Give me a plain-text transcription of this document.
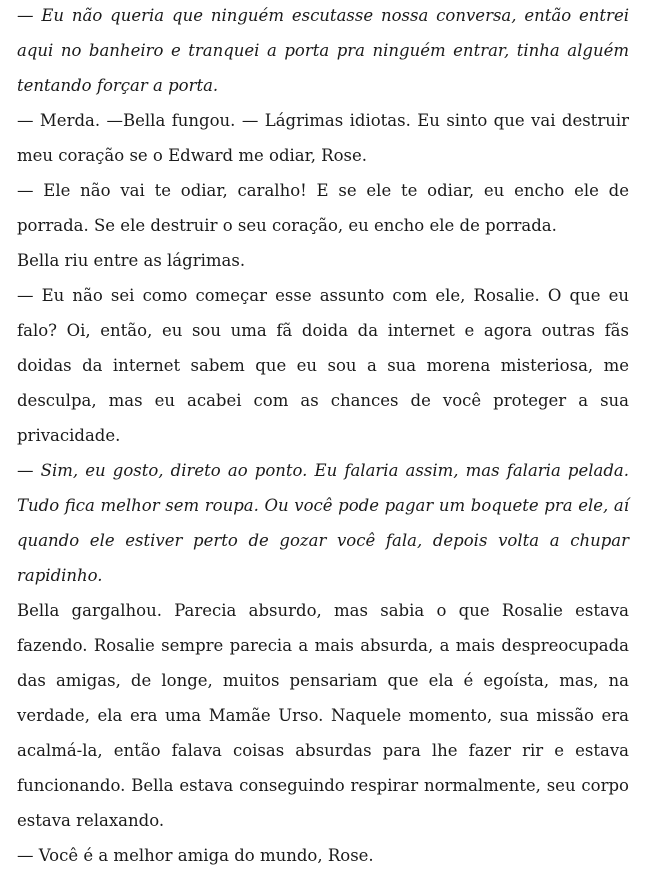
— Eu não queria que ninguém escutasse nossa conversa, então entrei aqui no banheiro e tranquei a porta pra ninguém entrar, tinha alguém tentando forçar a porta.

— Merda. —Bella fungou. — Lágrimas idiotas. Eu sinto que vai destruir meu coração se o Edward me odiar, Rose.

— Ele não vai te odiar, caralho! E se ele te odiar, eu encho ele de porrada. Se ele destruir o seu coração, eu encho ele de porrada.

Bella riu entre as lágrimas.

— Eu não sei como começar esse assunto com ele, Rosalie. O que eu falo? Oi, então, eu sou uma fã doida da internet e agora outras fãs doidas da internet sabem que eu sou a sua morena misteriosa, me desculpa, mas eu acabei com as chances de você proteger a sua privacidade.

— Sim, eu gosto, direto ao ponto. Eu falaria assim, mas falaria pelada. Tudo fica melhor sem roupa. Ou você pode pagar um boquete pra ele, aí quando ele estiver perto de gozar você fala, depois volta a chupar rapidinho.

Bella gargalhou. Parecia absurdo, mas sabia o que Rosalie estava fazendo. Rosalie sempre parecia a mais absurda, a mais despreocupada das amigas, de longe, muitos pensariam que ela é egoísta, mas, na verdade, ela era uma Mamãe Urso. Naquele momento, sua missão era acalmá-la, então falava coisas absurdas para lhe fazer rir e estava funcionando. Bella estava conseguindo respirar normalmente, seu corpo estava relaxando.

— Você é a melhor amiga do mundo, Rose.
